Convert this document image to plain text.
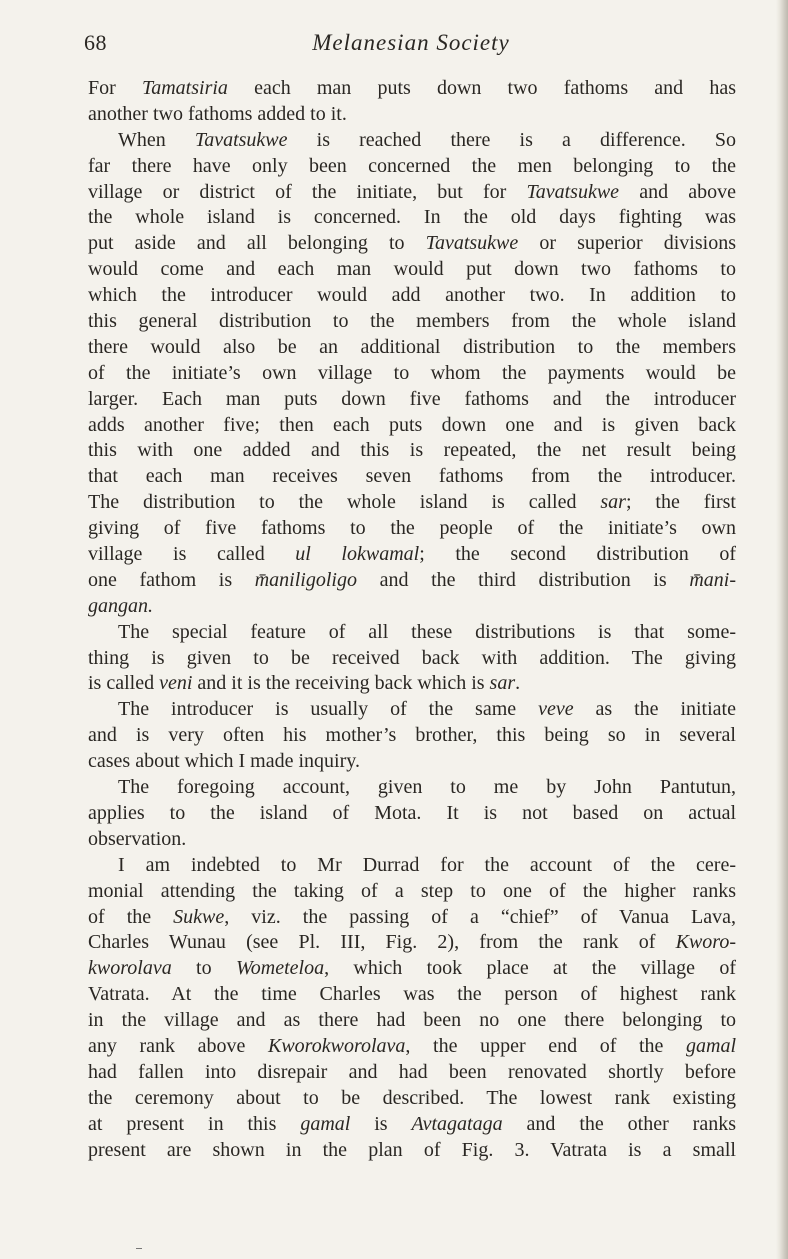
68	Melanesian Society
For Tamatsiria each man puts down two fathoms and has
another two fathoms added to it.
When Tavatsukwe is reached there is a difference. So
far there have only been concerned the men belonging to the
village or district of the initiate, but for Tavatsukwe and above
the whole island is concerned. In the old days fighting was
put aside and all belonging to Tavatsukwe or superior divisions
would come and each man would put down two fathoms to
which the introducer would add another two. In addition to
this general distribution to the members from the whole island
there would also be an additional distribution to the members
of the initiate’s own village to whom the payments would be
larger. Each man puts down five fathoms and the introducer
adds another five; then each puts down one and is given back
this with one added and this is repeated, the net result being
that each man receives seven fathoms from the introducer.
The distribution to the whole island is called sar; the first
giving of five fathoms to the people of the initiate’s own
village is called ul lokwamal; the second distribution of
one fathom is m̄aniligoligo and the third distribution is m̄ani-
gangan.
The special feature of all these distributions is that some-
thing is given to be received back with addition. The giving
is called veni and it is the receiving back which is sar.
The introducer is usually of the same veve as the initiate
and is very often his mother’s brother, this being so in several
cases about which I made inquiry.
The foregoing account, given to me by John Pantutun,
applies to the island of Mota. It is not based on actual
observation.
I am indebted to Mr Durrad for the account of the cere-
monial attending the taking of a step to one of the higher ranks
of the Sukwe, viz. the passing of a “chief” of Vanua Lava,
Charles Wunau (see Pl. III, Fig. 2), from the rank of Kworo-
kworolava to Wometeloa, which took place at the village of
Vatrata. At the time Charles was the person of highest rank
in the village and as there had been no one there belonging to
any rank above Kworokworolava, the upper end of the gamal
had fallen into disrepair and had been renovated shortly before
the ceremony about to be described. The lowest rank existing
at present in this gamal is Avtagataga and the other ranks
present are shown in the plan of Fig. 3. Vatrata is a small
